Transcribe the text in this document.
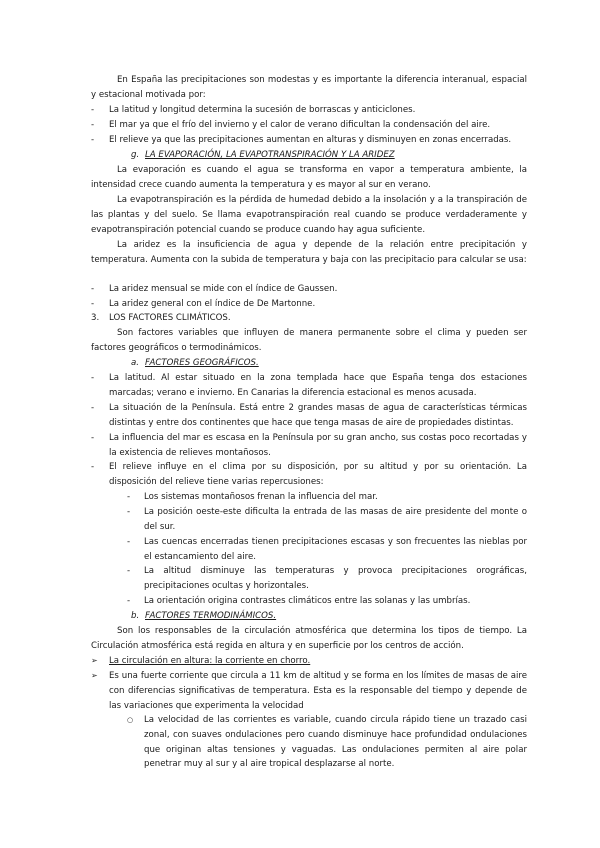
En España las precipitaciones son modestas y es importante la diferencia interanual, espacial y estacional motivada por:
-	La latitud y longitud determina la sucesión de borrascas y anticiclones.
-	El mar ya que el frío del invierno y el calor de verano dificultan la condensación del aire.
-	El relieve ya que las precipitaciones aumentan en alturas y disminuyen en zonas encerradas.
g. LA EVAPORACIÓN, LA EVAPOTRANSPIRACIÓN Y LA ARIDEZ
La evaporación es cuando el agua se transforma en vapor a temperatura ambiente, la intensidad crece cuando aumenta la temperatura y es mayor al sur en verano.
La evapotranspiración es la pérdida de humedad debido a la insolación y a la transpiración de las plantas y del suelo. Se llama evapotranspiración real cuando se produce verdaderamente y evapotranspiración potencial cuando se produce cuando hay agua suficiente.
La aridez es la insuficiencia de agua y depende de la relación entre precipitación y temperatura. Aumenta con la subida de temperatura y baja con las precipitacio para calcular se usa:
-	La aridez mensual se mide con el índice de Gaussen.
-	La aridez general con el índice de De Martonne.
3. LOS FACTORES CLIMÁTICOS.
Son factores variables que influyen de manera permanente sobre el clima y pueden ser factores geográficos o termodinámicos.
a. FACTORES GEOGRÁFICOS.
-	La latitud. Al estar situado en la zona templada hace que España tenga dos estaciones marcadas; verano e invierno. En Canarias la diferencia estacional es menos acusada.
-	La situación de la Península. Está entre 2 grandes masas de agua de características térmicas distintas y entre dos continentes que hace que tenga masas de aire de propiedades distintas.
-	La influencia del mar es escasa en la Península por su gran ancho, sus costas poco recortadas y la existencia de relieves montañosos.
-	El relieve influye en el clima por su disposición, por su altitud y por su orientación. La disposición del relieve tiene varias repercusiones:
-	Los sistemas montañosos frenan la influencia del mar.
-	La posición oeste-este dificulta la entrada de las masas de aire presidente del monte o del sur.
-	Las cuencas encerradas tienen precipitaciones escasas y son frecuentes las nieblas por el estancamiento del aire.
-	La altitud disminuye las temperaturas y provoca precipitaciones orográficas, precipitaciones ocultas y horizontales.
-	La orientación origina contrastes climáticos entre las solanas y las umbrías.
b. FACTORES TERMODINÁMICOS.
Son los responsables de la circulación atmosférica que determina los tipos de tiempo. La Circulación atmosférica está regida en altura y en superficie por los centros de acción.
➢	La circulación en altura: la corriente en chorro.
➢	Es una fuerte corriente que circula a 11 km de altitud y se forma en los límites de masas de aire con diferencias significativas de temperatura. Esta es la responsable del tiempo y depende de las variaciones que experimenta la velocidad
○	La velocidad de las corrientes es variable, cuando circula rápido tiene un trazado casi zonal, con suaves ondulaciones pero cuando disminuye hace profundidad ondulaciones que originan altas tensiones y vaguadas. Las ondulaciones permiten al aire polar penetrar muy al sur y al aire tropical desplazarse al norte.
